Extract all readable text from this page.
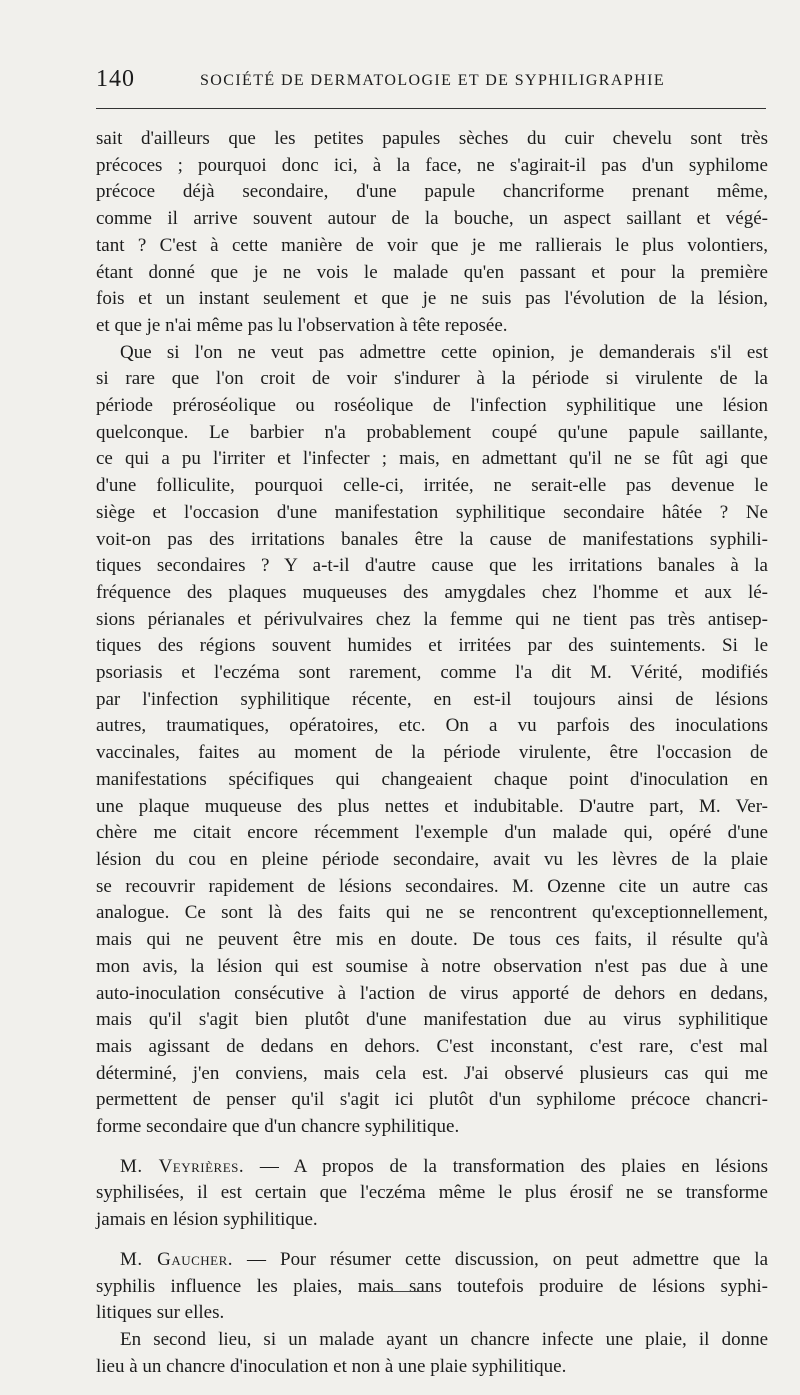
140	SOCIÉTÉ DE DERMATOLOGIE ET DE SYPHILIGRAPHIE
sait d'ailleurs que les petites papules sèches du cuir chevelu sont très
précoces ; pourquoi donc ici, à la face, ne s'agirait-il pas d'un syphilome
précoce déjà secondaire, d'une papule chancriforme prenant même,
comme il arrive souvent autour de la bouche, un aspect saillant et végé-
tant ? C'est à cette manière de voir que je me rallierais le plus volontiers,
étant donné que je ne vois le malade qu'en passant et pour la première
fois et un instant seulement et que je ne suis pas l'évolution de la lésion,
et que je n'ai même pas lu l'observation à tête reposée.
Que si l'on ne veut pas admettre cette opinion, je demanderais s'il est
si rare que l'on croit de voir s'indurer à la période si virulente de la
période préroséolique ou roséolique de l'infection syphilitique une lésion
quelconque. Le barbier n'a probablement coupé qu'une papule saillante,
ce qui a pu l'irriter et l'infecter ; mais, en admettant qu'il ne se fût agi que
d'une folliculite, pourquoi celle-ci, irritée, ne serait-elle pas devenue le
siège et l'occasion d'une manifestation syphilitique secondaire hâtée ? Ne
voit-on pas des irritations banales être la cause de manifestations syphili-
tiques secondaires ? Y a-t-il d'autre cause que les irritations banales à la
fréquence des plaques muqueuses des amygdales chez l'homme et aux lé-
sions périanales et périvulvaires chez la femme qui ne tient pas très antisep-
tiques des régions souvent humides et irritées par des suintements. Si le
psoriasis et l'eczéma sont rarement, comme l'a dit M. Vérité, modifiés
par l'infection syphilitique récente, en est-il toujours ainsi de lésions
autres, traumatiques, opératoires, etc. On a vu parfois des inoculations
vaccinales, faites au moment de la période virulente, être l'occasion de
manifestations spécifiques qui changeaient chaque point d'inoculation en
une plaque muqueuse des plus nettes et indubitable. D'autre part, M. Ver-
chère me citait encore récemment l'exemple d'un malade qui, opéré d'une
lésion du cou en pleine période secondaire, avait vu les lèvres de la plaie
se recouvrir rapidement de lésions secondaires. M. Ozenne cite un autre cas
analogue. Ce sont là des faits qui ne se rencontrent qu'exceptionnellement,
mais qui ne peuvent être mis en doute. De tous ces faits, il résulte qu'à
mon avis, la lésion qui est soumise à notre observation n'est pas due à une
auto-inoculation consécutive à l'action de virus apporté de dehors en dedans,
mais qu'il s'agit bien plutôt d'une manifestation due au virus syphilitique
mais agissant de dedans en dehors. C'est inconstant, c'est rare, c'est mal
déterminé, j'en conviens, mais cela est. J'ai observé plusieurs cas qui me
permettent de penser qu'il s'agit ici plutôt d'un syphilome précoce chancri-
forme secondaire que d'un chancre syphilitique.
M. Veyrières. — A propos de la transformation des plaies en lésions
syphilisées, il est certain que l'eczéma même le plus érosif ne se transforme
jamais en lésion syphilitique.
M. Gaucher. — Pour résumer cette discussion, on peut admettre que la
syphilis influence les plaies, mais sans toutefois produire de lésions syphi-
litiques sur elles.
En second lieu, si un malade ayant un chancre infecte une plaie, il donne
lieu à un chancre d'inoculation et non à une plaie syphilitique.
